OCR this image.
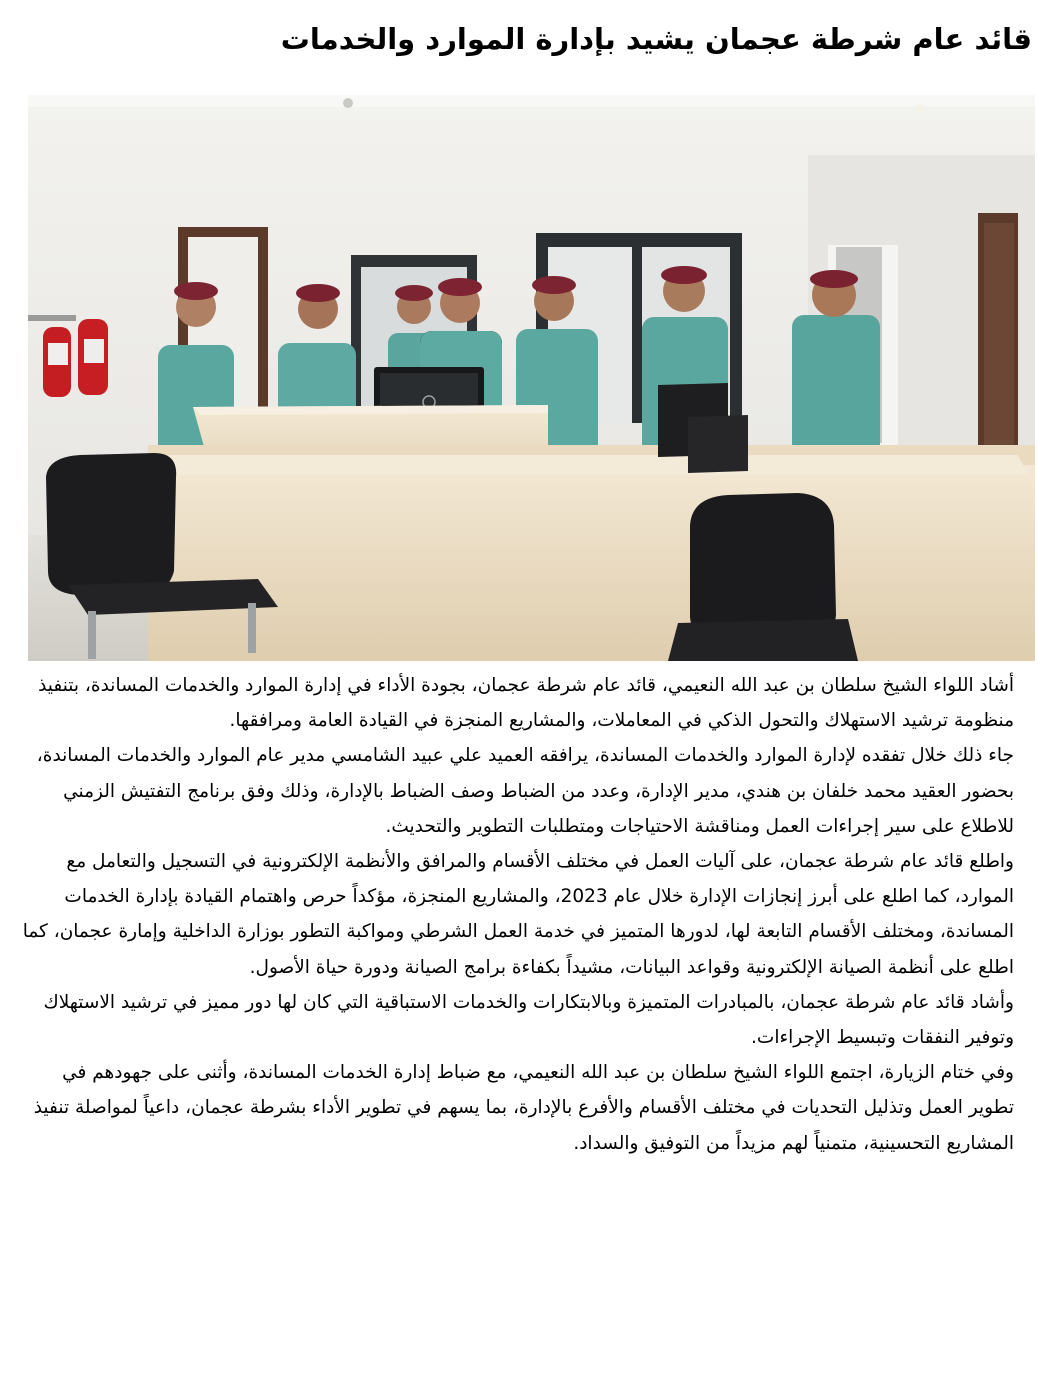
قائد عام شرطة عجمان يشيد بإدارة الموارد والخدمات

أشاد اللواء الشيخ سلطان بن عبد الله النعيمي، قائد عام شرطة عجمان، بجودة الأداء في إدارة الموارد والخدمات المساندة، بتنفيذ منظومة ترشيد الاستهلاك والتحول الذكي في المعاملات، والمشاريع المنجزة في القيادة العامة ومرافقها.

جاء ذلك خلال تفقده لإدارة الموارد والخدمات المساندة، يرافقه العميد علي عبيد الشامسي مدير عام الموارد والخدمات المساندة، بحضور العقيد محمد خلفان بن هندي، مدير الإدارة، وعدد من الضباط وصف الضباط بالإدارة، وذلك وفق برنامج التفتيش الزمني للاطلاع على سير إجراءات العمل ومناقشة الاحتياجات ومتطلبات التطوير والتحديث.

واطلع قائد عام شرطة عجمان، على آليات العمل في مختلف الأقسام والمرافق والأنظمة الإلكترونية في التسجيل والتعامل مع الموارد، كما اطلع على أبرز إنجازات الإدارة خلال عام 2023، والمشاريع المنجزة، مؤكداً حرص واهتمام القيادة بإدارة الخدمات المساندة، ومختلف الأقسام التابعة لها، لدورها المتميز في خدمة العمل الشرطي ومواكبة التطور بوزارة الداخلية وإمارة عجمان، كما اطلع على أنظمة الصيانة الإلكترونية وقواعد البيانات، مشيداً بكفاءة برامج الصيانة ودورة حياة الأصول.

وأشاد قائد عام شرطة عجمان، بالمبادرات المتميزة وبالابتكارات والخدمات الاستباقية التي كان لها دور مميز في ترشيد الاستهلاك وتوفير النفقات وتبسيط الإجراءات.

وفي ختام الزيارة، اجتمع اللواء الشيخ سلطان بن عبد الله النعيمي، مع ضباط إدارة الخدمات المساندة، وأثنى على جهودهم في تطوير العمل وتذليل التحديات في مختلف الأقسام والأفرع بالإدارة، بما يسهم في تطوير الأداء بشرطة عجمان، داعياً لمواصلة تنفيذ المشاريع التحسينية، متمنياً لهم مزيداً من التوفيق والسداد.
